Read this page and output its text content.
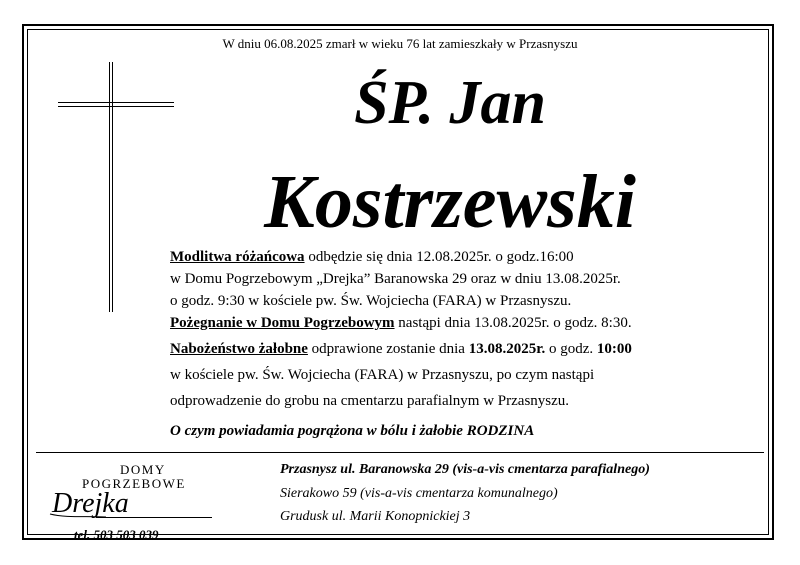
W dniu 06.08.2025 zmarł w wieku 76 lat zamieszkały w Przasnyszu
ŚP. Jan
Kostrzewski
Modlitwa różańcowa odbędzie się dnia 12.08.2025r. o godz.16:00
w Domu Pogrzebowym „Drejka” Baranowska 29 oraz w dniu 13.08.2025r.
o godz. 9:30 w kościele pw. Św. Wojciecha (FARA) w Przasnyszu.
Pożegnanie w Domu Pogrzebowym nastąpi dnia 13.08.2025r. o godz. 8:30.
Nabożeństwo żałobne odprawione zostanie dnia 13.08.2025r. o godz. 10:00
w kościele pw. Św. Wojciecha (FARA) w Przasnyszu, po czym nastąpi
odprowadzenie do grobu na cmentarzu parafialnym w Przasnyszu.
O czym powiadamia pogrążona w bólu i żałobie RODZINA
DOMY
POGRZEBOWE
Drejka
tel. 503 503 039
Przasnysz ul. Baranowska 29 (vis-a-vis cmentarza parafialnego)
Sierakowo 59 (vis-a-vis cmentarza komunalnego)
Grudusk ul. Marii Konopnickiej 3
